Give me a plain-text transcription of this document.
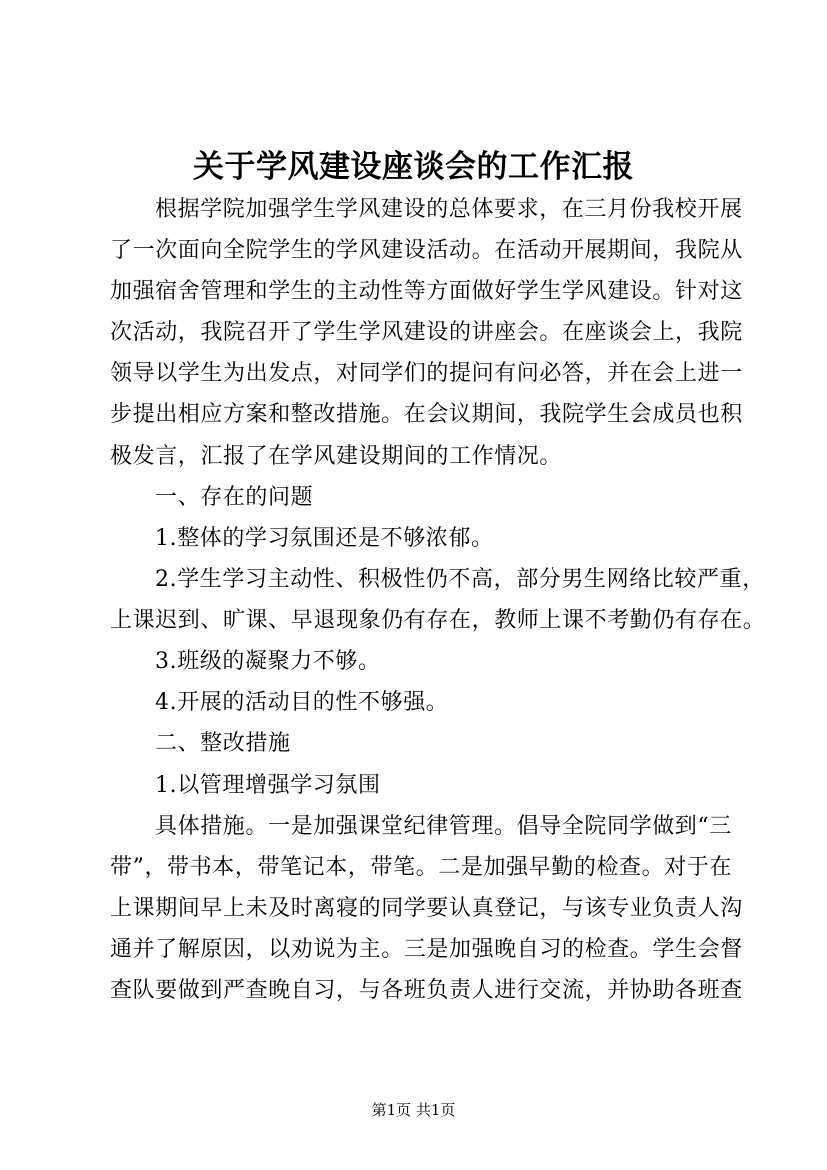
关于学风建设座谈会的工作汇报
根据学院加强学生学风建设的总体要求，在三月份我校开展
了一次面向全院学生的学风建设活动。在活动开展期间，我院从
加强宿舍管理和学生的主动性等方面做好学生学风建设。针对这
次活动，我院召开了学生学风建设的讲座会。在座谈会上，我院
领导以学生为出发点，对同学们的提问有问必答，并在会上进一
步提出相应方案和整改措施。在会议期间，我院学生会成员也积
极发言，汇报了在学风建设期间的工作情况。
一、存在的问题
1.整体的学习氛围还是不够浓郁。
2.学生学习主动性、积极性仍不高，部分男生网络比较严重，
上课迟到、旷课、早退现象仍有存在，教师上课不考勤仍有存在。
3.班级的凝聚力不够。
4.开展的活动目的性不够强。
二、整改措施
1.以管理增强学习氛围
具体措施。一是加强课堂纪律管理。倡导全院同学做到“三
带”，带书本，带笔记本，带笔。二是加强早勤的检查。对于在
上课期间早上未及时离寝的同学要认真登记，与该专业负责人沟
通并了解原因，以劝说为主。三是加强晚自习的检查。学生会督
查队要做到严查晚自习，与各班负责人进行交流，并协助各班查
第1页 共1页
